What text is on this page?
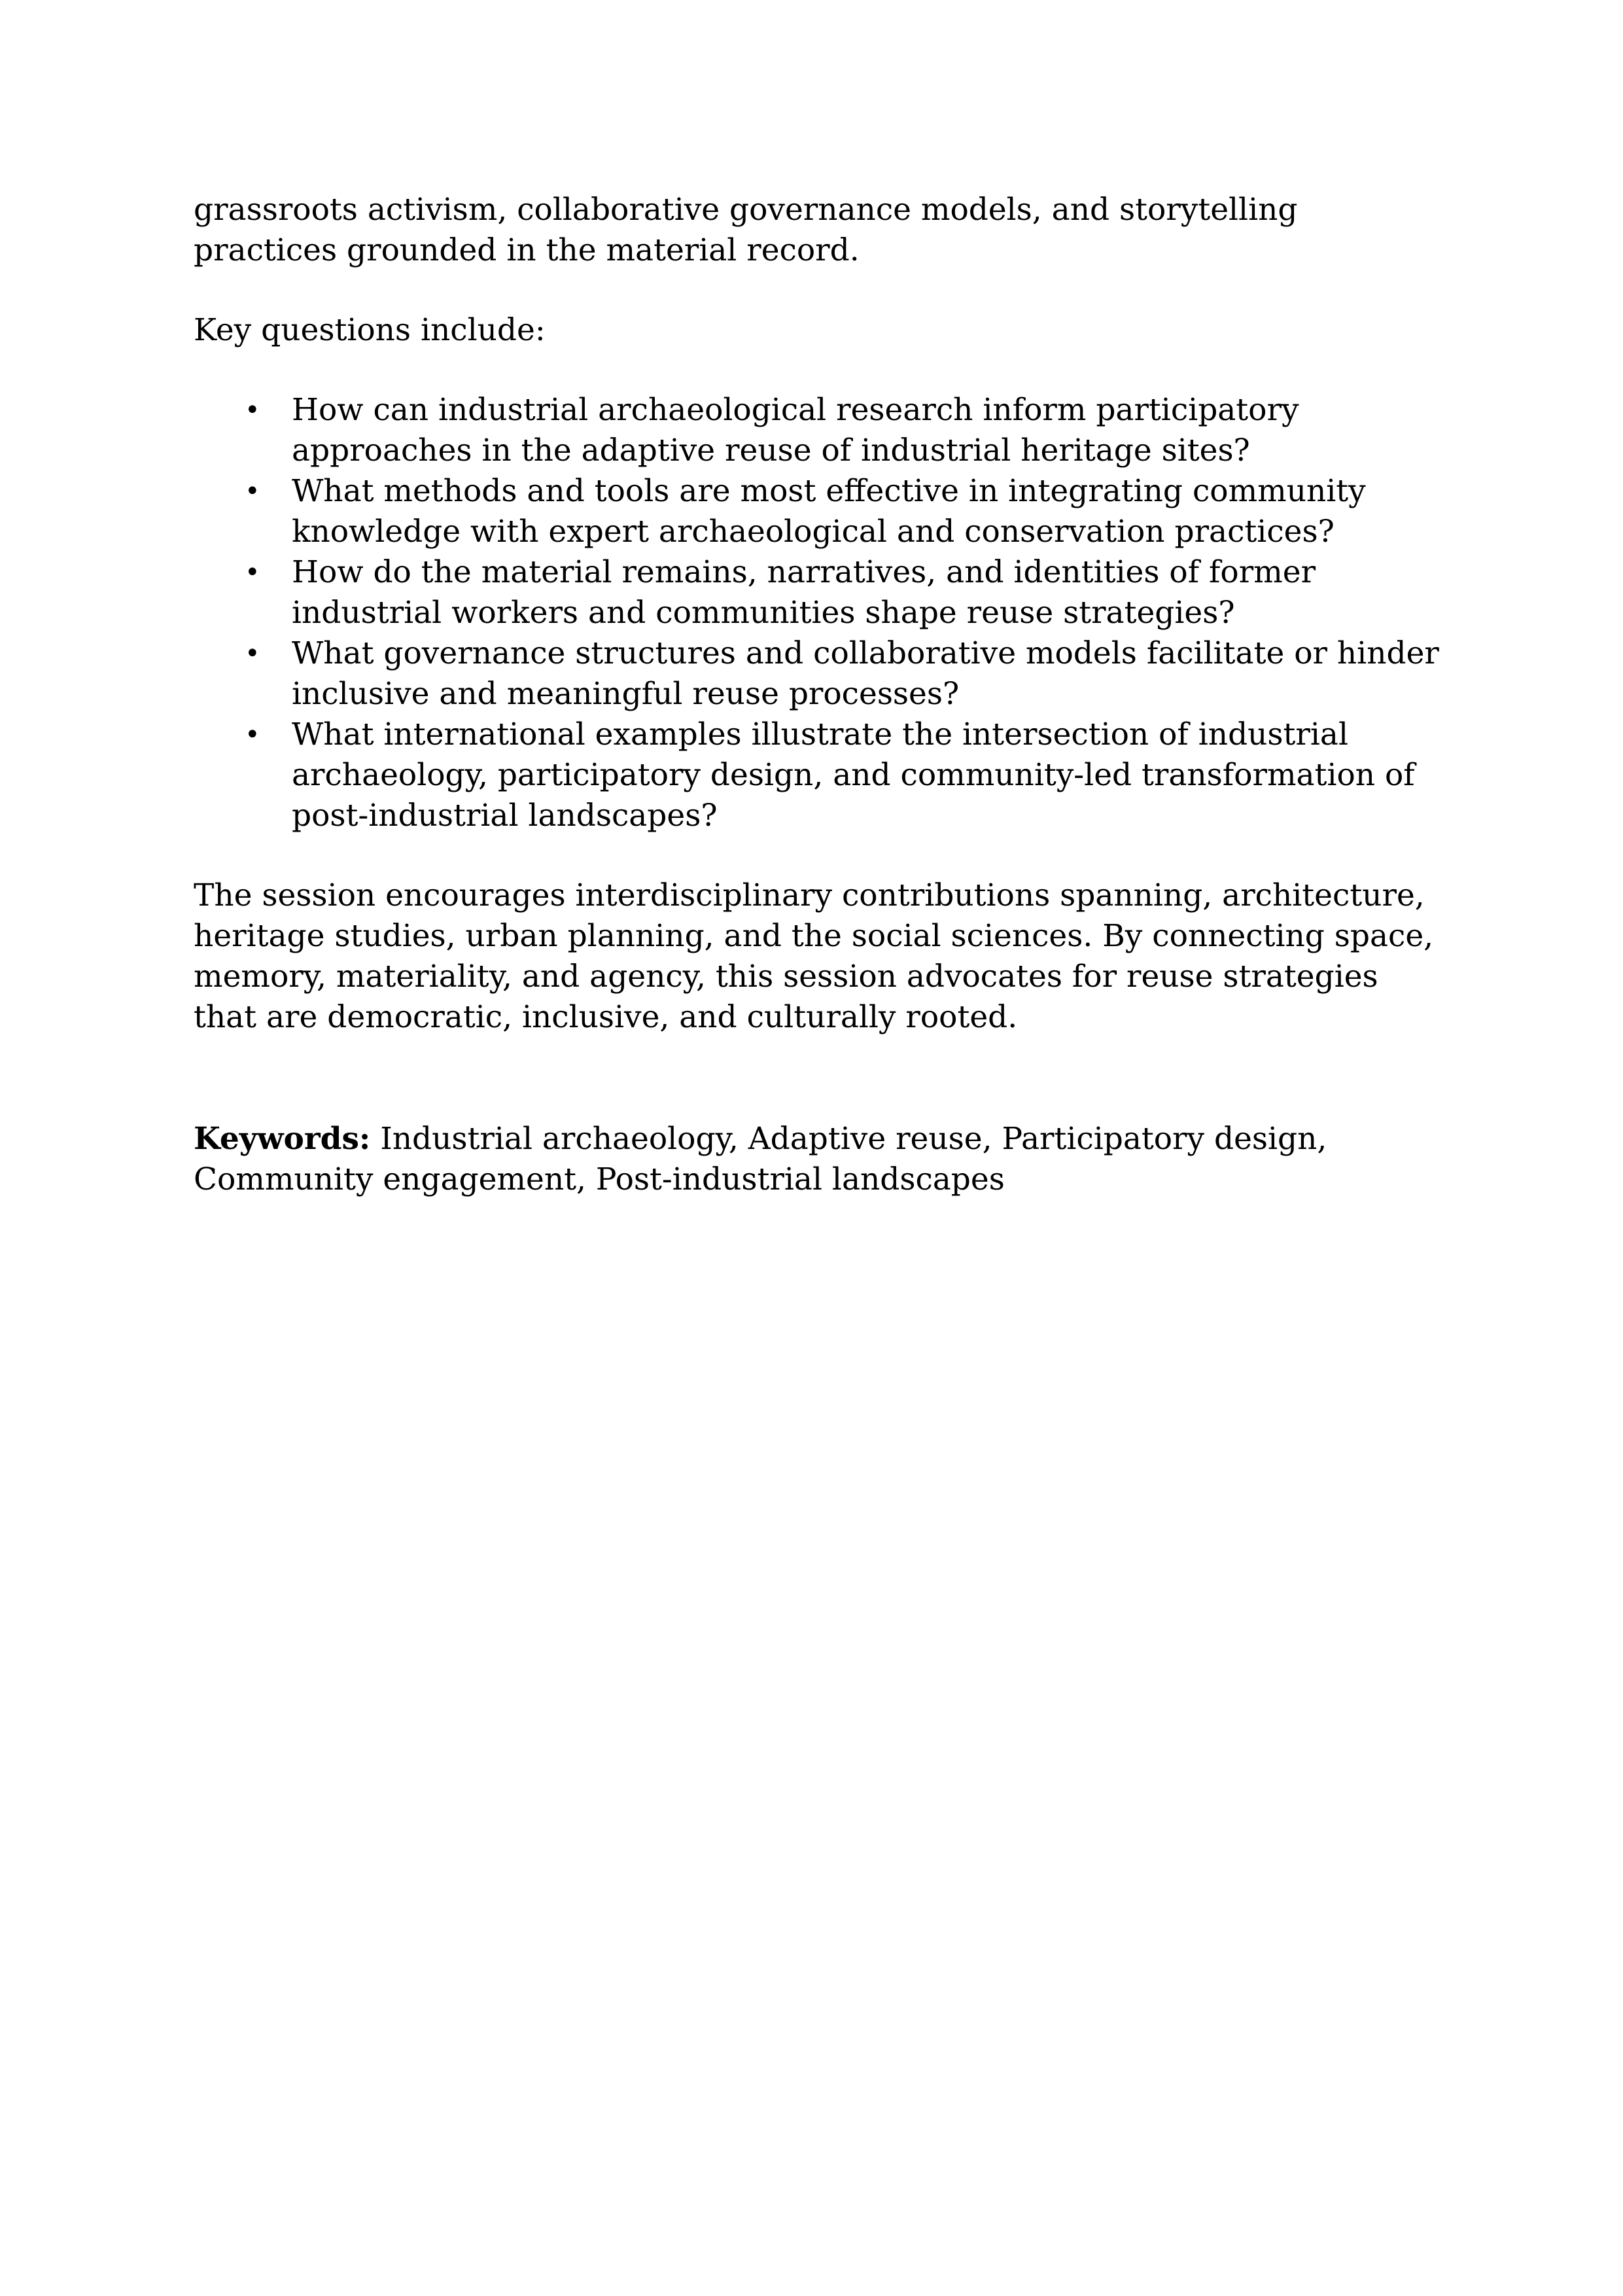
grassroots activism, collaborative governance models, and storytelling practices grounded in the material record.

Key questions include:

•	How can industrial archaeological research inform participatory approaches in the adaptive reuse of industrial heritage sites?
•	What methods and tools are most effective in integrating community knowledge with expert archaeological and conservation practices?
•	How do the material remains, narratives, and identities of former industrial workers and communities shape reuse strategies?
•	What governance structures and collaborative models facilitate or hinder inclusive and meaningful reuse processes?
•	What international examples illustrate the intersection of industrial archaeology, participatory design, and community-led transformation of post-industrial landscapes?

The session encourages interdisciplinary contributions spanning, architecture, heritage studies, urban planning, and the social sciences. By connecting space, memory, materiality, and agency, this session advocates for reuse strategies that are democratic, inclusive, and culturally rooted.

Keywords: Industrial archaeology, Adaptive reuse, Participatory design, Community engagement, Post-industrial landscapes
